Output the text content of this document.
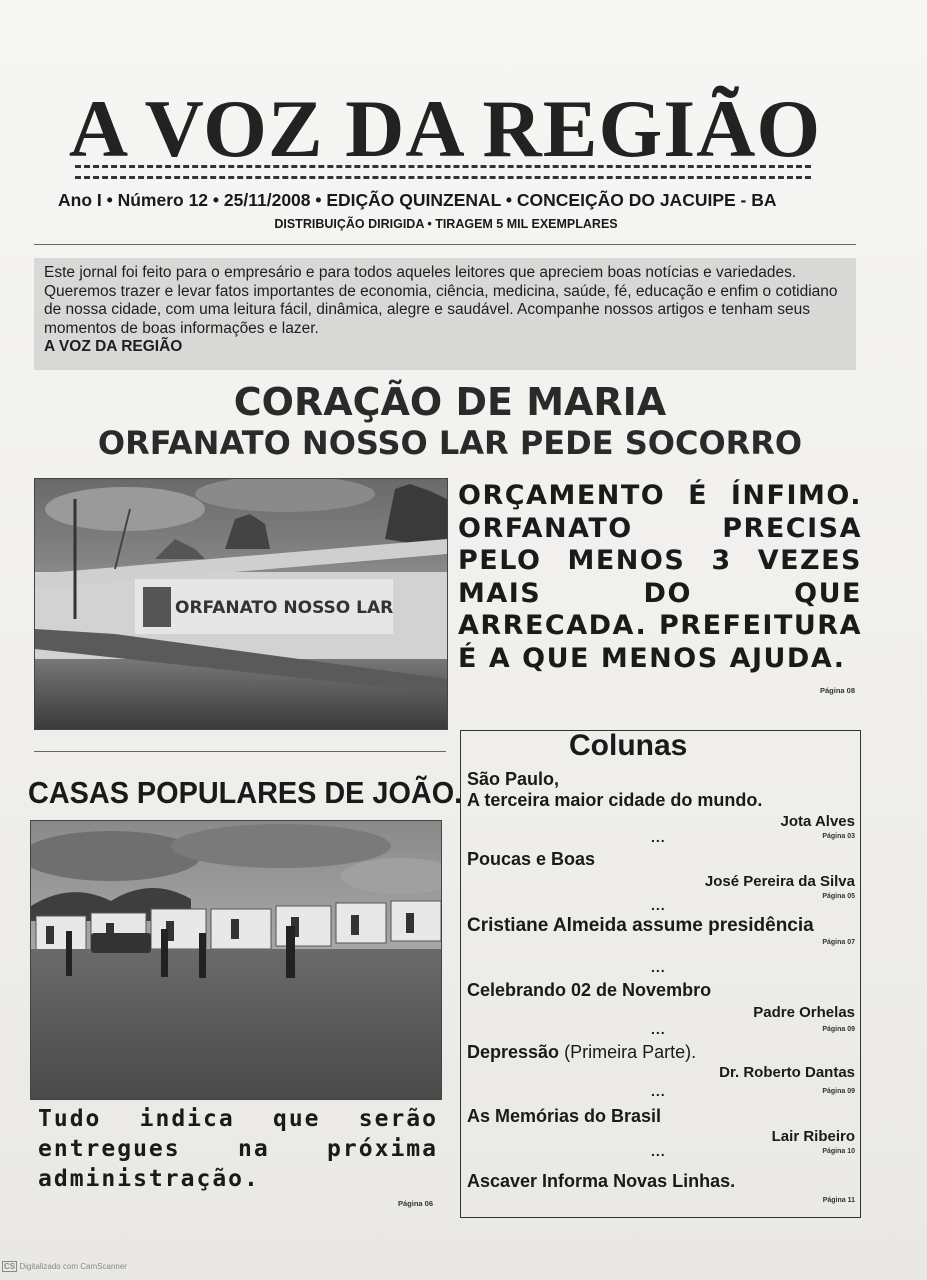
A VOZ DA REGIÃO
Ano I • Número 12 • 25/11/2008 • EDIÇÃO QUINZENAL • CONCEIÇÃO DO JACUIPE - BA
DISTRIBUIÇÃO DIRIGIDA • TIRAGEM 5 MIL EXEMPLARES

Este jornal foi feito para o empresário e para todos aqueles leitores que apreciem boas notícias e variedades. Queremos trazer e levar fatos importantes de economia, ciência, medicina, saúde, fé, educação e enfim o cotidiano de nossa cidade, com uma leitura fácil, dinâmica, alegre e saudável. Acompanhe nossos artigos e tenham seus momentos de boas informações e lazer.

A VOZ DA REGIÃO

CORAÇÃO DE MARIA
ORFANATO NOSSO LAR PEDE SOCORRO
ORFANATO NOSSO LAR
ORÇAMENTO É ÍNFIMO. ORFANATO PRECISA PELO MENOS 3 VEZES MAIS DO QUE ARRECADA. PREFEITURA É A QUE MENOS AJUDA.
Página 08
CASAS POPULARES DE JOÃO.
Tudo indica que serão entregues na próxima administração.
Página 06
Colunas
São Paulo,
A terceira maior cidade do mundo.
Jota Alves
Página 03
...
Poucas e Boas
José Pereira da Silva
Página 05
...
Cristiane Almeida assume presidência
Página 07
...
Celebrando 02 de Novembro
Padre Orhelas
Página 09
...
Depressão (Primeira Parte).
Dr. Roberto Dantas
Página 09
...
As Memórias do Brasil
Lair Ribeiro
Página 10
...
Ascaver Informa Novas Linhas.
Página 11
CS Digitalizado com CamScanner
